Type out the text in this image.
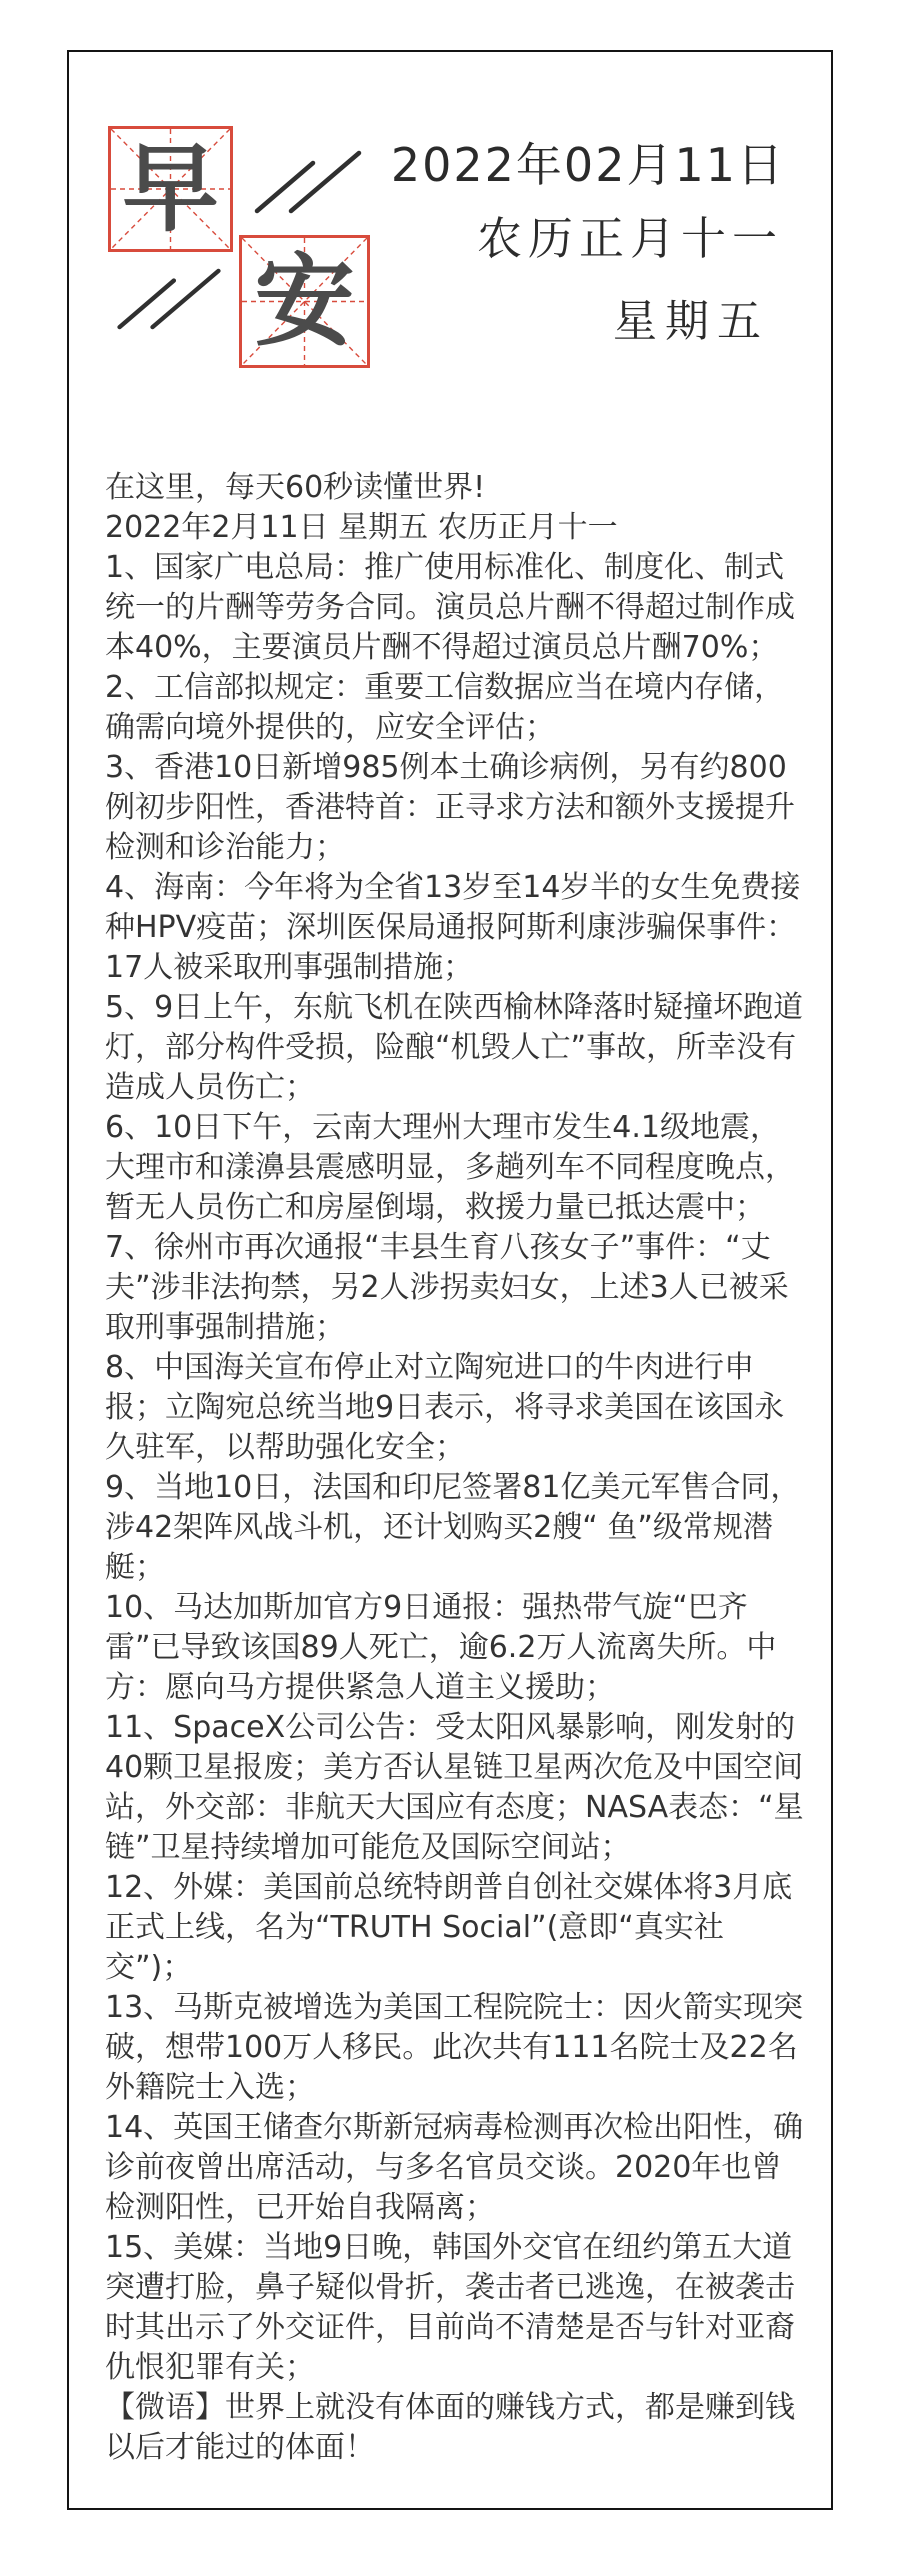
早
安
2022年02月11日
农历正月十一
星期五

在这里，每天60秒读懂世界!

2022年2月11日 星期五 农历正月十一

1、国家广电总局：推广使用标准化、制度化、制式统一的片酬等劳务合同。演员总片酬不得超过制作成本40%，主要演员片酬不得超过演员总片酬70%；

2、工信部拟规定：重要工信数据应当在境内存储，确需向境外提供的，应安全评估；

3、香港10日新增985例本土确诊病例，另有约800例初步阳性，香港特首：正寻求方法和额外支援提升检测和诊治能力；

4、海南：今年将为全省13岁至14岁半的女生免费接种HPV疫苗；深圳医保局通报阿斯利康涉骗保事件：17人被采取刑事强制措施；

5、9日上午，东航飞机在陕西榆林降落时疑撞坏跑道灯，部分构件受损，险酿“机毁人亡”事故，所幸没有造成人员伤亡；

6、10日下午，云南大理州大理市发生4.1级地震，大理市和漾濞县震感明显，多趟列车不同程度晚点，暂无人员伤亡和房屋倒塌，救援力量已抵达震中；

7、徐州市再次通报“丰县生育八孩女子”事件：“丈夫”涉非法拘禁，另2人涉拐卖妇女，上述3人已被采取刑事强制措施；

8、中国海关宣布停止对立陶宛进口的牛肉进行申报；立陶宛总统当地9日表示，将寻求美国在该国永久驻军，以帮助强化安全；

9、当地10日，法国和印尼签署81亿美元军售合同，涉42架阵风战斗机，还计划购买2艘“ 鱼”级常规潜艇；

10、马达加斯加官方9日通报：强热带气旋“巴齐雷”已导致该国89人死亡，逾6.2万人流离失所。中方：愿向马方提供紧急人道主义援助；

11、SpaceX公司公告：受太阳风暴影响，刚发射的40颗卫星报废；美方否认星链卫星两次危及中国空间站，外交部：非航天大国应有态度；NASA表态：“星链”卫星持续增加可能危及国际空间站；

12、外媒：美国前总统特朗普自创社交媒体将3月底正式上线，名为“TRUTH Social”(意即“真实社交”)；

13、马斯克被增选为美国工程院院士：因火箭实现突破，想带100万人移民。此次共有111名院士及22名外籍院士入选；

14、英国王储查尔斯新冠病毒检测再次检出阳性，确诊前夜曾出席活动，与多名官员交谈。2020年也曾检测阳性，已开始自我隔离；

15、美媒：当地9日晚，韩国外交官在纽约第五大道突遭打脸，鼻子疑似骨折，袭击者已逃逸，在被袭击时其出示了外交证件，目前尚不清楚是否与针对亚裔仇恨犯罪有关；

【微语】世界上就没有体面的赚钱方式，都是赚到钱以后才能过的体面！
